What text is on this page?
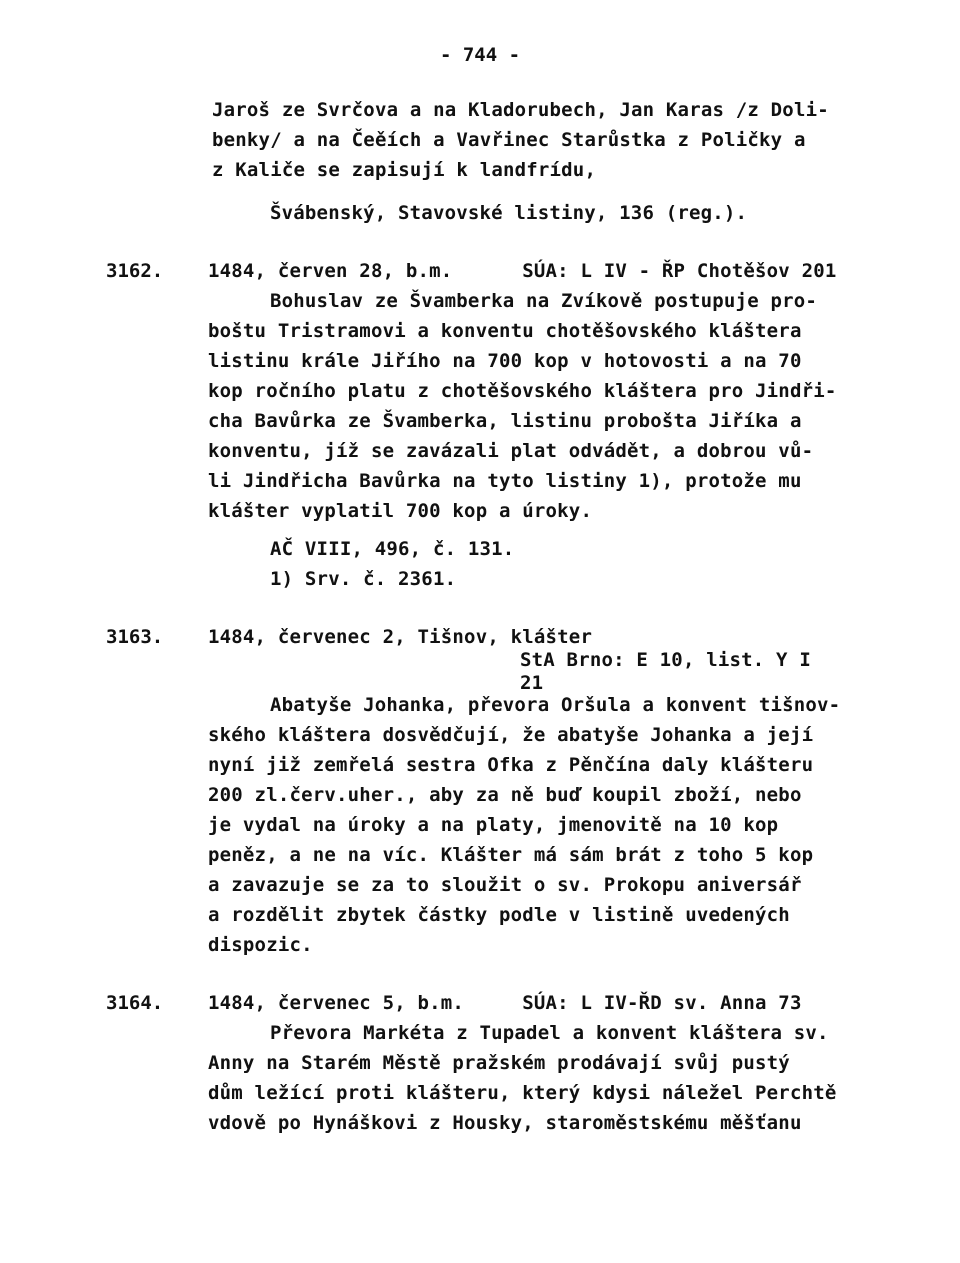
- 744 -
Jaroš ze Svrčova a na Kladorubech, Jan Karas /z Doli-
benky/ a na Čeěích a Vavřinec Starůstka z Poličky a
z Kaliče se zapisují k landfrídu,
Švábenský, Stavovské listiny, 136 (reg.).
3162. 1484, červen 28, b.m.      SÚA: L IV - ŘP Chotěšov 201
Bohuslav ze Švamberka na Zvíkově postupuje pro-
boštu Tristramovi a konventu chotěšovského kláštera
listinu krále Jiřího na 700 kop v hotovosti a na 70
kop ročního platu z chotěšovského kláštera pro Jindři-
cha Bavůrka ze Švamberka, listinu probošta Jiříka a
konventu, jíž se zavázali plat odvádět, a dobrou vů-
li Jindřicha Bavůrka na tyto listiny 1), protože mu
klášter vyplatil 700 kop a úroky.
AČ VIII, 496, č. 131.
1) Srv. č. 2361.
3163. 1484, červenec 2, Tišnov, klášter
StA Brno: E 10, list. Y I
21
Abatyše Johanka, převora Oršula a konvent tišnov-
ského kláštera dosvědčují, že abatyše Johanka a její
nyní již zemřelá sestra Ofka z Pěnčína daly klášteru
200 zl.červ.uher., aby za ně buď koupil zboží, nebo
je vydal na úroky a na platy, jmenovitě na 10 kop
peněz, a ne na víc. Klášter má sám brát z toho 5 kop
a zavazuje se za to sloužit o sv. Prokopu aniversář
a rozdělit zbytek částky podle v listině uvedených
dispozic.
3164. 1484, červenec 5, b.m.     SÚA: L IV-ŘD sv. Anna 73
Převora Markéta z Tupadel a konvent kláštera sv.
Anny na Starém Městě pražském prodávají svůj pustý
dům ležící proti klášteru, který kdysi náležel Perchtě
vdově po Hynáškovi z Housky, staroměstskému měšťanu
